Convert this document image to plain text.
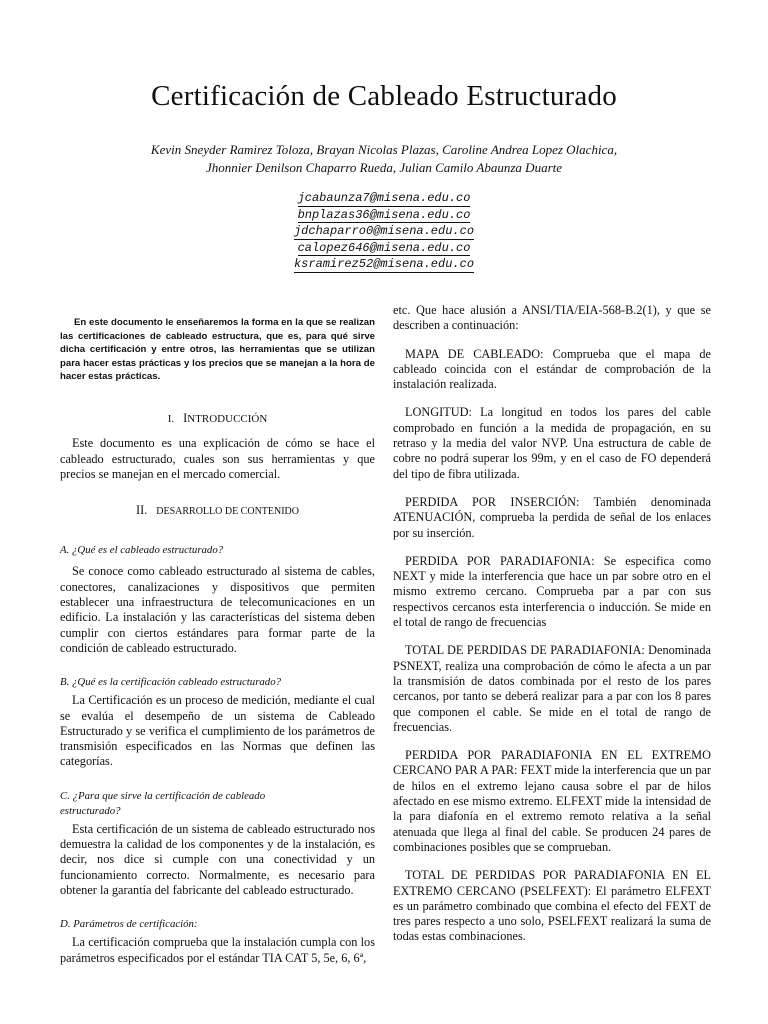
Certificación de Cableado Estructurado
Kevin Sneyder Ramirez Toloza, Brayan Nicolas Plazas, Caroline Andrea Lopez Olachica,
Jhonnier Denilson Chaparro Rueda, Julian Camilo Abaunza Duarte
jcabaunza7@misena.edu.co
bnplazas36@misena.edu.co
jdchaparro0@misena.edu.co
calopez646@misena.edu.co
ksramirez52@misena.edu.co

En este documento le enseñaremos la forma en la que se realizan las certificaciones de cableado estructura, que es, para qué sirve dicha certificación y entre otros, las herramientas que se utilizan para hacer estas prácticas y los precios que se manejan a la hora de hacer estas prácticas.

I. INTRODUCCIÓN

Este documento es una explicación de cómo se hace el cableado estructurado, cuales son sus herramientas y que precios se manejan en el mercado comercial.

II. DESARROLLO DE CONTENIDO
A. ¿Qué es el cableado estructurado?

Se conoce como cableado estructurado al sistema de cables, conectores, canalizaciones y dispositivos que permiten establecer una infraestructura de telecomunicaciones en un edificio. La instalación y las características del sistema deben cumplir con ciertos estándares para formar parte de la condición de cableado estructurado.

B. ¿Qué es la certificación cableado estructurado?

La Certificación es un proceso de medición, mediante el cual se evalúa el desempeño de un sistema de Cableado Estructurado y se verifica el cumplimiento de los parámetros de transmisión especificados en las Normas que definen las categorías.

C. ¿Para que sirve la certificación de cableado estructurado?

Esta certificación de un sistema de cableado estructurado nos demuestra la calidad de los componentes y de la instalación, es decir, nos dice si cumple con una conectividad y un funcionamiento correcto. Normalmente, es necesario para obtener la garantía del fabricante del cableado estructurado.

D. Parámetros de certificación:

La certificación comprueba que la instalación cumpla con los parámetros especificados por el estándar TIA CAT 5, 5e, 6, 6ª,

etc. Que hace alusión a ANSI/TIA/EIA-568-B.2(1), y que se describen a continuación:

MAPA DE CABLEADO: Comprueba que el mapa de cableado coincida con el estándar de comprobación de la instalación realizada.

LONGITUD: La longitud en todos los pares del cable comprobado en función a la medida de propagación, en su retraso y la media del valor NVP. Una estructura de cable de cobre no podrá superar los 99m, y en el caso de FO dependerá del tipo de fibra utilizada.

PERDIDA POR INSERCIÓN: También denominada ATENUACIÓN, comprueba la perdida de señal de los enlaces por su inserción.

PERDIDA POR PARADIAFONIA: Se especifica como NEXT y mide la interferencia que hace un par sobre otro en el mismo extremo cercano. Comprueba par a par con sus respectivos cercanos esta interferencia o inducción. Se mide en el total de rango de frecuencias

TOTAL DE PERDIDAS DE PARADIAFONIA: Denominada PSNEXT, realiza una comprobación de cómo le afecta a un par la transmisión de datos combinada por el resto de los pares cercanos, por tanto se deberá realizar para a par con los 8 pares que componen el cable. Se mide en el total de rango de frecuencias.

PERDIDA POR PARADIAFONIA EN EL EXTREMO CERCANO PAR A PAR: FEXT mide la interferencia que un par de hilos en el extremo lejano causa sobre el par de hilos afectado en ese mismo extremo. ELFEXT mide la intensidad de la para diafonía en el extremo remoto relativa a la señal atenuada que llega al final del cable. Se producen 24 pares de combinaciones posibles que se comprueban.

TOTAL DE PERDIDAS POR PARADIAFONIA EN EL EXTREMO CERCANO (PSELFEXT): El parámetro ELFEXT es un parámetro combinado que combina el efecto del FEXT de tres pares respecto a uno solo, PSELFEXT realizará la suma de todas estas combinaciones.
